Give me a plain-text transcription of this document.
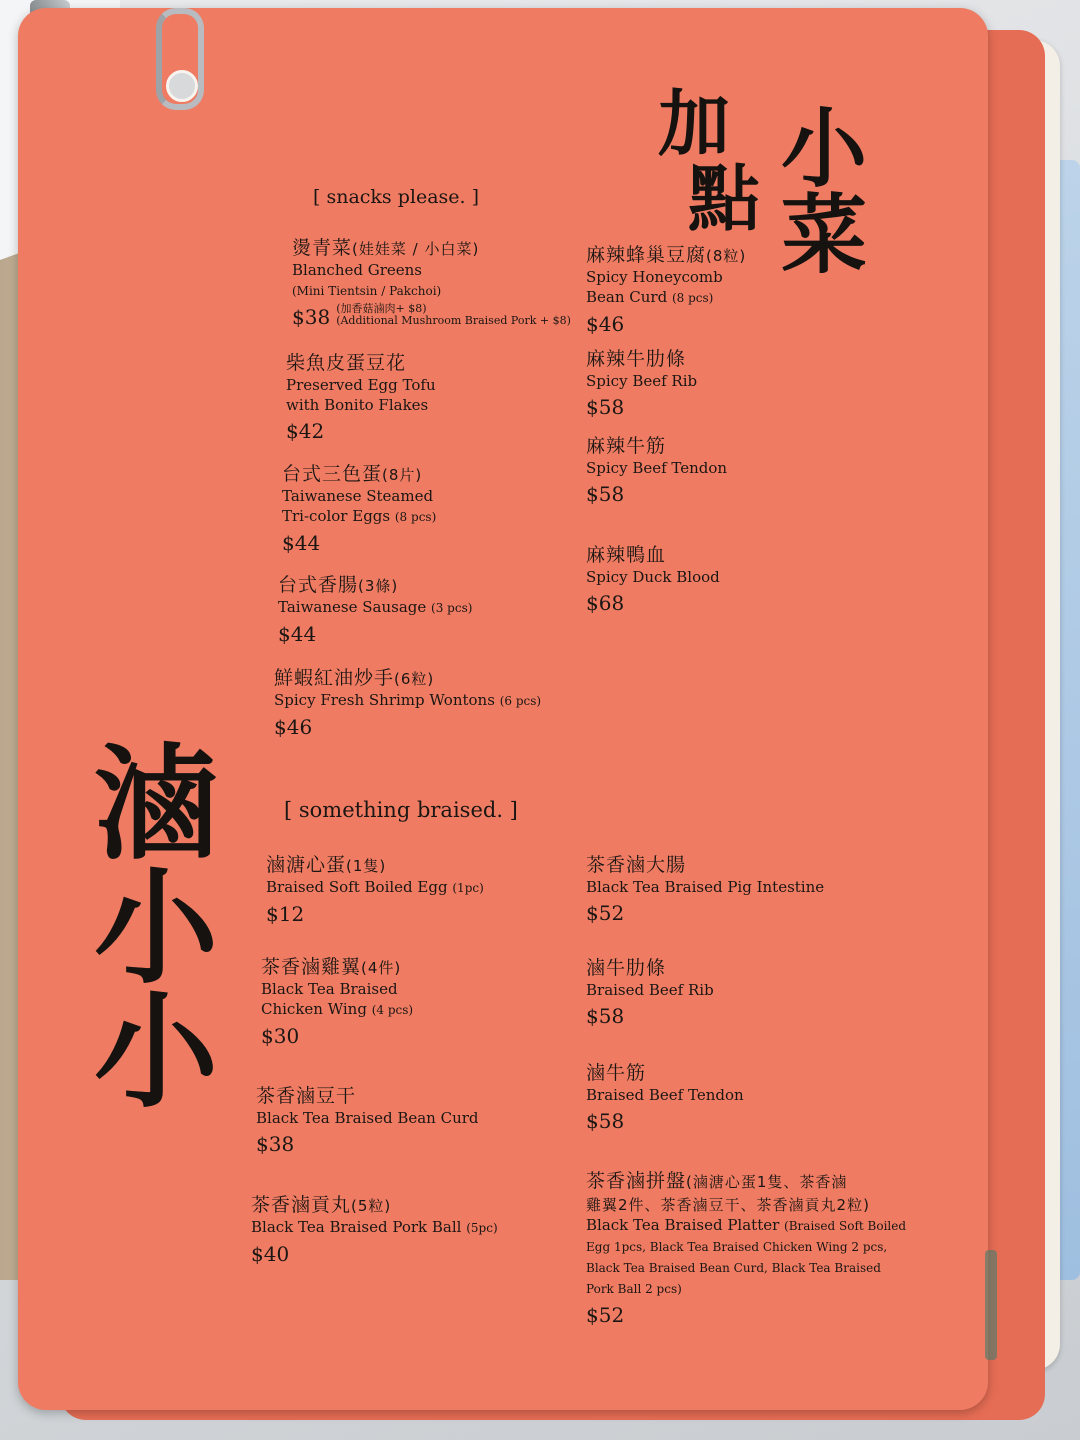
加
點 小菜
滷小小
[ snacks please. ]
[ something braised. ]
燙青菜(娃娃菜 / 小白菜)
Blanched Greens
(Mini Tientsin / Pakchoi)
$38 (加香菇滷肉+ $8)
(Additional Mushroom Braised Pork + $8)
柴魚皮蛋豆花
Preserved Egg Tofu
with Bonito Flakes
$42
台式三色蛋(8片)
Taiwanese Steamed
Tri-color Eggs (8 pcs)
$44
台式香腸(3條)
Taiwanese Sausage (3 pcs)
$44
鮮蝦紅油炒手(6粒)
Spicy Fresh Shrimp Wontons (6 pcs)
$46
麻辣蜂巢豆腐(8粒)
Spicy Honeycomb
Bean Curd (8 pcs)
$46
麻辣牛肋條
Spicy Beef Rib
$58
麻辣牛筋
Spicy Beef Tendon
$58
麻辣鴨血
Spicy Duck Blood
$68
滷溏心蛋(1隻)
Braised Soft Boiled Egg (1pc)
$12
茶香滷雞翼(4件)
Black Tea Braised
Chicken Wing (4 pcs)
$30
茶香滷豆干
Black Tea Braised Bean Curd
$38
茶香滷貢丸(5粒)
Black Tea Braised Pork Ball (5pc)
$40
茶香滷大腸
Black Tea Braised Pig Intestine
$52
滷牛肋條
Braised Beef Rib
$58
滷牛筋
Braised Beef Tendon
$58
茶香滷拼盤(滷溏心蛋1隻、茶香滷
雞翼2件、茶香滷豆干、茶香滷貢丸2粒)
Black Tea Braised Platter (Braised Soft Boiled
Egg 1pcs, Black Tea Braised Chicken Wing 2 pcs,
Black Tea Braised Bean Curd, Black Tea Braised
Pork Ball 2 pcs)
$52
